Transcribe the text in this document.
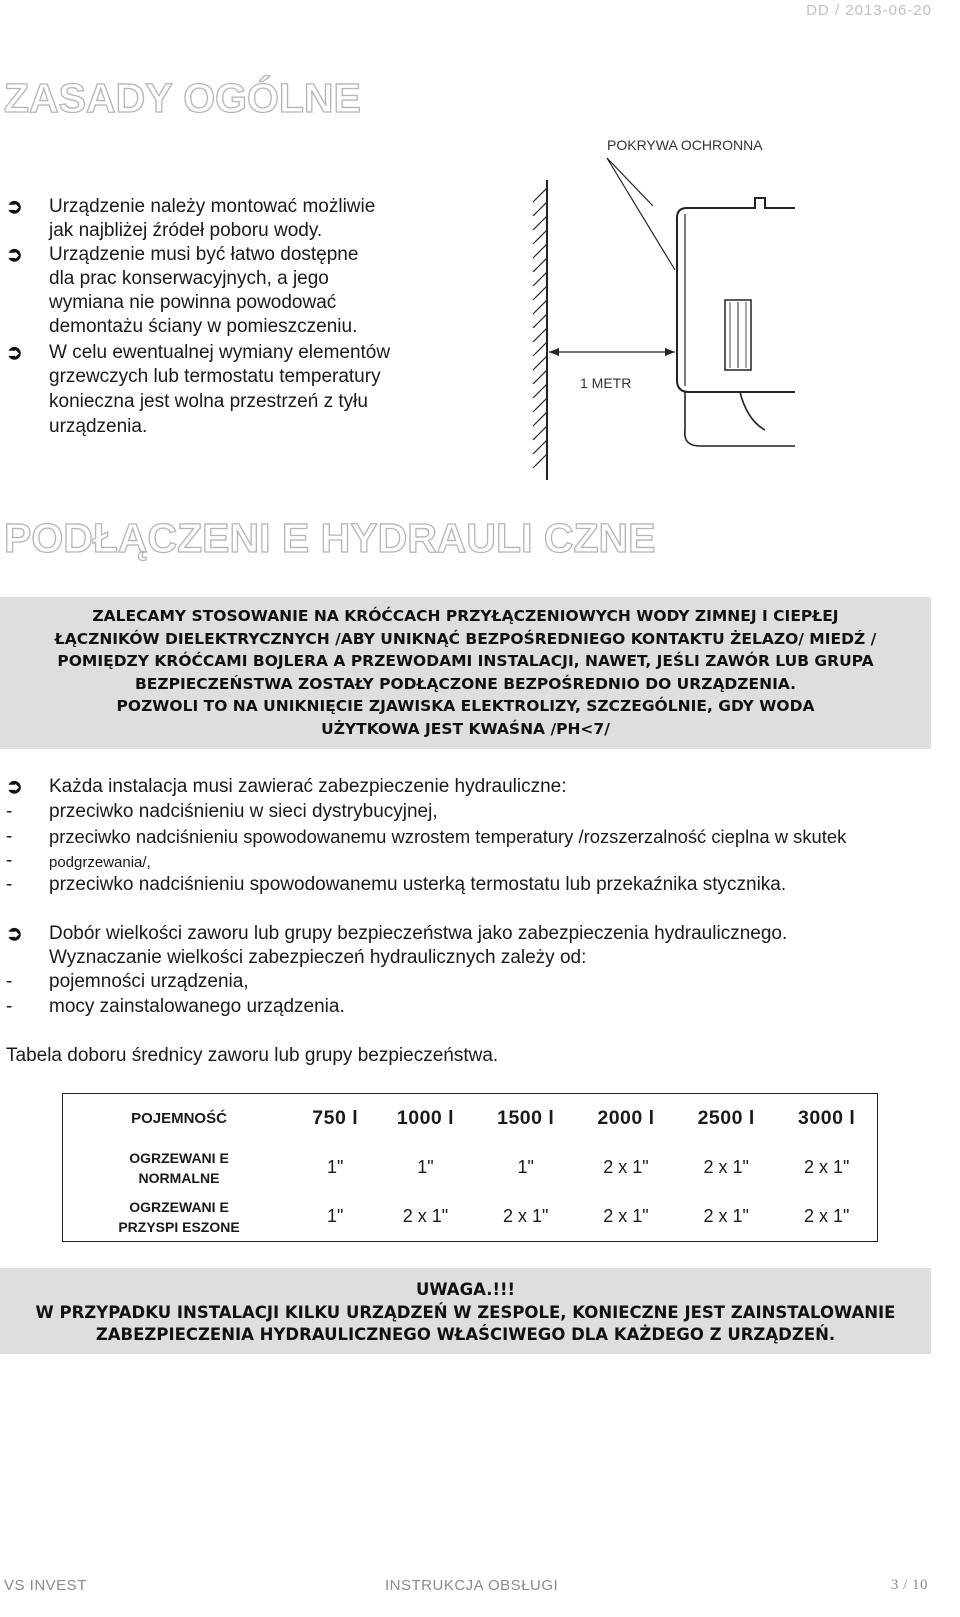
DD / 2013-06-20
ZASADY OGÓLNE
➲ Urządzenie należy montować możliwie
jak najbliżej źródeł poboru wody.
➲ Urządzenie musi być łatwo dostępne
dla prac konserwacyjnych, a jego
wymiana nie powinna powodować
demontażu ściany w pomieszczeniu.
➲ W celu ewentualnej wymiany elementów
grzewczych lub termostatu temperatury
konieczna jest wolna przestrzeń z tyłu
urządzenia.
POKRYWA OCHRONNA
1 METR
PODŁĄCZENI E HYDRAULI CZNE
ZALECAMY STOSOWANIE NA KRÓĆCACH PRZYŁĄCZENIOWYCH WODY ZIMNEJ I CIEPŁEJ
ŁĄCZNIKÓW DIELEKTRYCZNYCH /ABY UNIKNĄĆ BEZPOŚREDNIEGO KONTAKTU ŻELAZO/ MIEDŹ /
POMIĘDZY KRÓĆCAMI BOJLERA A PRZEWODAMI INSTALACJI, NAWET, JEŚLI ZAWÓR LUB GRUPA
BEZPIECZEŃSTWA ZOSTAŁY PODŁĄCZONE BEZPOŚREDNIO DO URZĄDZENIA.
POZWOLI TO NA UNIKNIĘCIE ZJAWISKA ELEKTROLIZY, SZCZEGÓLNIE, GDY WODA
UŻYTKOWA JEST KWAŚNA /PH<7/
➲ Każda instalacja musi zawierać zabezpieczenie hydrauliczne:
- przeciwko nadciśnieniu w sieci dystrybucyjnej,
- przeciwko nadciśnieniu spowodowanemu wzrostem temperatury /rozszerzalność cieplna w skutek
- podgrzewania/,
- przeciwko nadciśnieniu spowodowanemu usterką termostatu lub przekaźnika stycznika.
➲ Dobór wielkości zaworu lub grupy bezpieczeństwa jako zabezpieczenia hydraulicznego.
Wyznaczanie wielkości zabezpieczeń hydraulicznych zależy od:
- pojemności urządzenia,
- mocy zainstalowanego urządzenia.
Tabela doboru średnicy zaworu lub grupy bezpieczeństwa.
POJEMNOŚĆ	750 l	1000 l	1500 l	2000 l	2500 l	3000 l

OGRZEWANI E
NORMALNE	1"	1"	1"	2 x 1"	2 x 1"	2 x 1"

OGRZEWANI E
PRZYSPI ESZONE	1"	2 x 1"	2 x 1"	2 x 1"	2 x 1"	2 x 1"
UWAGA.!!!
W PRZYPADKU INSTALACJI KILKU URZĄDZEŃ W ZESPOLE, KONIECZNE JEST ZAINSTALOWANIE
ZABEZPIECZENIA HYDRAULICZNEGO WŁAŚCIWEGO DLA KAŻDEGO Z URZĄDZEŃ.
VS INVEST	INSTRUKCJA OBSŁUGI	3 / 10
